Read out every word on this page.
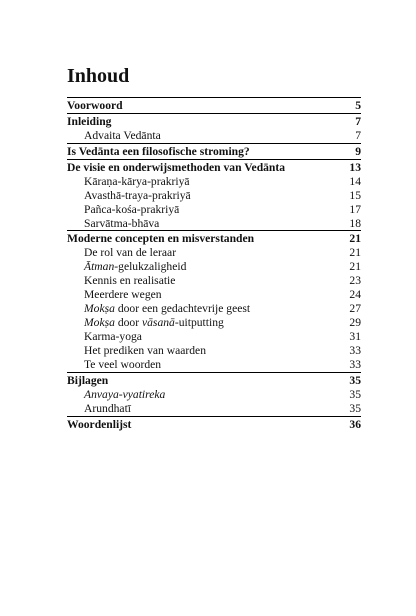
Inhoud
Voorwoord	5
Inleiding	7
Advaita Vedānta	7
Is Vedānta een filosofische stroming?	9
De visie en onderwijsmethoden van Vedānta	13
Kāraṇa-kārya-prakriyā	14
Avasthā-traya-prakriyā	15
Pañca-kośa-prakriyā	17
Sarvātma-bhāva	18
Moderne concepten en misverstanden	21
De rol van de leraar	21
Ātman-gelukzaligheid	21
Kennis en realisatie	23
Meerdere wegen	24
Mokṣa door een gedachtevrije geest	27
Mokṣa door vāsanā-uitputting	29
Karma-yoga	31
Het prediken van waarden	33
Te veel woorden	33
Bijlagen	35
Anvaya-vyatireka	35
Arundhatī	35
Woordenlijst	36
